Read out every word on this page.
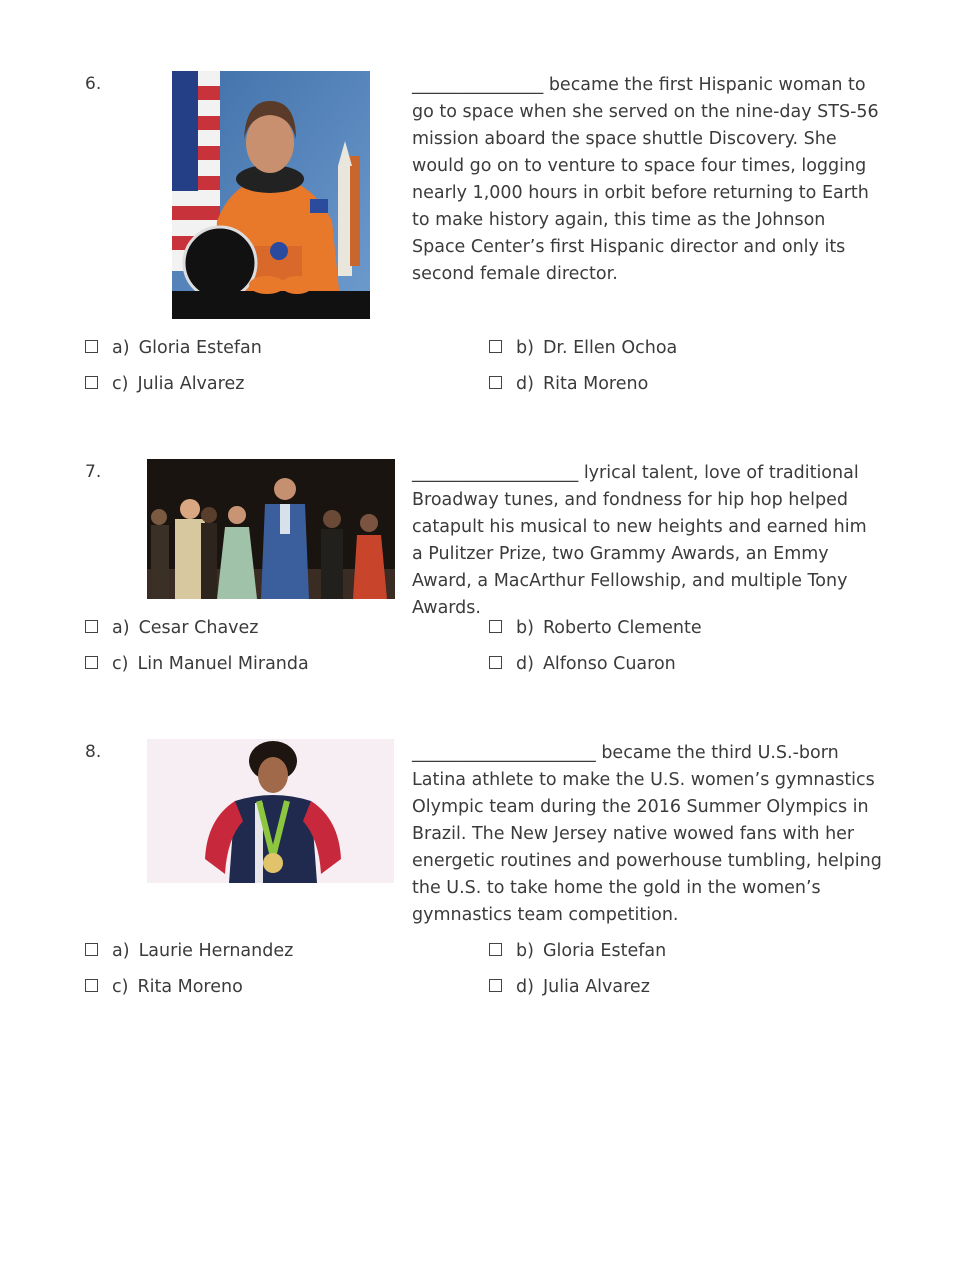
6.	_______________ became the first Hispanic woman to go to space when she served on the nine-day STS-56 mission aboard the space shuttle Discovery. She would go on to venture to space four times, logging nearly 1,000 hours in orbit before returning to Earth to make history again, this time as the Johnson Space Center’s first Hispanic director and only its second female director.
a) Gloria Estefan	b) Dr. Ellen Ochoa
c) Julia Alvarez	d) Rita Moreno
7.	___________________ lyrical talent, love of traditional Broadway tunes, and fondness for hip hop helped catapult his musical to new heights and earned him a Pulitzer Prize, two Grammy Awards, an Emmy Award, a MacArthur Fellowship, and multiple Tony Awards.
a) Cesar Chavez	b) Roberto Clemente
c) Lin Manuel Miranda	d) Alfonso Cuaron
8.	_____________________ became the third U.S.-born Latina athlete to make the U.S. women’s gymnastics Olympic team during the 2016 Summer Olympics in Brazil. The New Jersey native wowed fans with her energetic routines and powerhouse tumbling, helping the U.S. to take home the gold in the women’s gymnastics team competition.
a) Laurie Hernandez	b) Gloria Estefan
c) Rita Moreno	d) Julia Alvarez
